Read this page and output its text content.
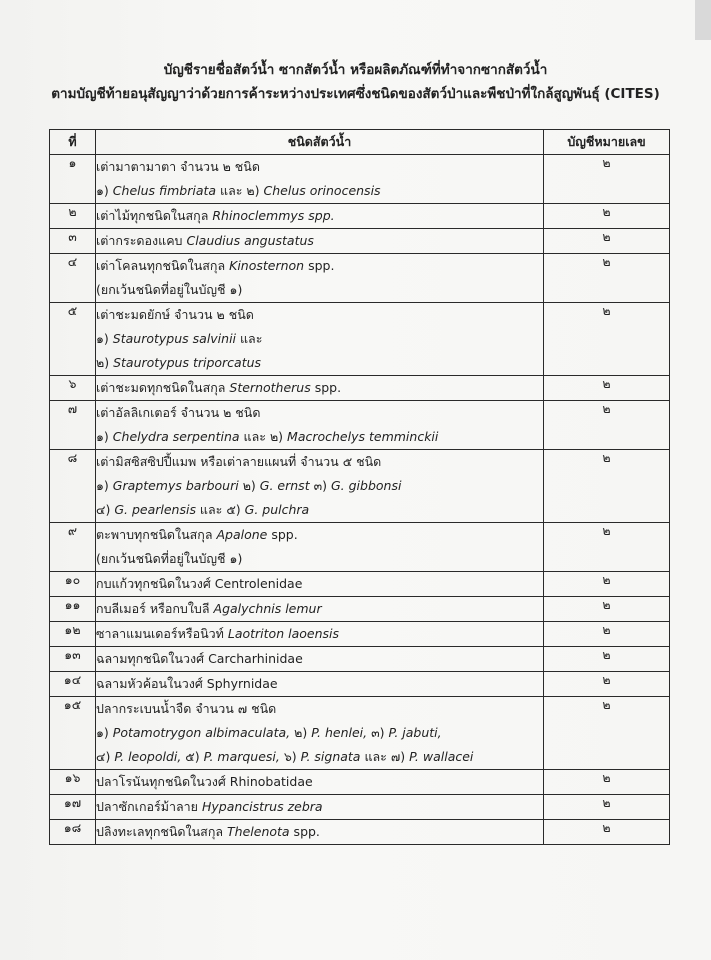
บัญชีรายชื่อสัตว์น้ำ ซากสัตว์น้ำ หรือผลิตภัณฑ์ที่ทำจากซากสัตว์น้ำ
ตามบัญชีท้ายอนุสัญญาว่าด้วยการค้าระหว่างประเทศซึ่งชนิดของสัตว์ป่าและพืชป่าที่ใกล้สูญพันธุ์ (CITES)
ที่	ชนิดสัตว์น้ำ	บัญชีหมายเลข
๑	เต่ามาตามาตา จำนวน ๒ ชนิด
๑) Chelus fimbriata และ ๒) Chelus orinocensis	๒
๒	เต่าไม้ทุกชนิดในสกุล Rhinoclemmys spp.	๒
๓	เต่ากระดองแคบ Claudius angustatus	๒
๔	เต่าโคลนทุกชนิดในสกุล Kinosternon spp.
(ยกเว้นชนิดที่อยู่ในบัญชี ๑)	๒
๕	เต่าชะมดยักษ์ จำนวน ๒ ชนิด
๑) Staurotypus salvinii และ
๒) Staurotypus triporcatus	๒
๖	เต่าชะมดทุกชนิดในสกุล Sternotherus spp.	๒
๗	เต่าอัลลิเกเตอร์ จำนวน ๒ ชนิด
๑) Chelydra serpentina และ ๒) Macrochelys temminckii	๒
๘	เต่ามิสซิสซิปปี้แมพ หรือเต่าลายแผนที่ จำนวน ๕ ชนิด
๑) Graptemys barbouri ๒) G. ernst ๓) G. gibbonsi
๔) G. pearlensis และ ๕) G. pulchra	๒
๙	ตะพาบทุกชนิดในสกุล Apalone spp.
(ยกเว้นชนิดที่อยู่ในบัญชี ๑)	๒
๑๐	กบแก้วทุกชนิดในวงศ์ Centrolenidae	๒
๑๑	กบลีเมอร์ หรือกบใบลี Agalychnis lemur	๒
๑๒	ซาลาแมนเดอร์หรือนิวท์ Laotriton laoensis	๒
๑๓	ฉลามทุกชนิดในวงศ์ Carcharhinidae	๒
๑๔	ฉลามหัวค้อนในวงศ์ Sphyrnidae	๒
๑๕	ปลากระเบนน้ำจืด จำนวน ๗ ชนิด
๑) Potamotrygon albimaculata, ๒) P. henlei, ๓) P. jabuti,
๔) P. leopoldi, ๕) P. marquesi, ๖) P. signata และ ๗) P. wallacei	๒
๑๖	ปลาโรนันทุกชนิดในวงศ์ Rhinobatidae	๒
๑๗	ปลาซักเกอร์ม้าลาย Hypancistrus zebra	๒
๑๘	ปลิงทะเลทุกชนิดในสกุล Thelenota spp.	๒
